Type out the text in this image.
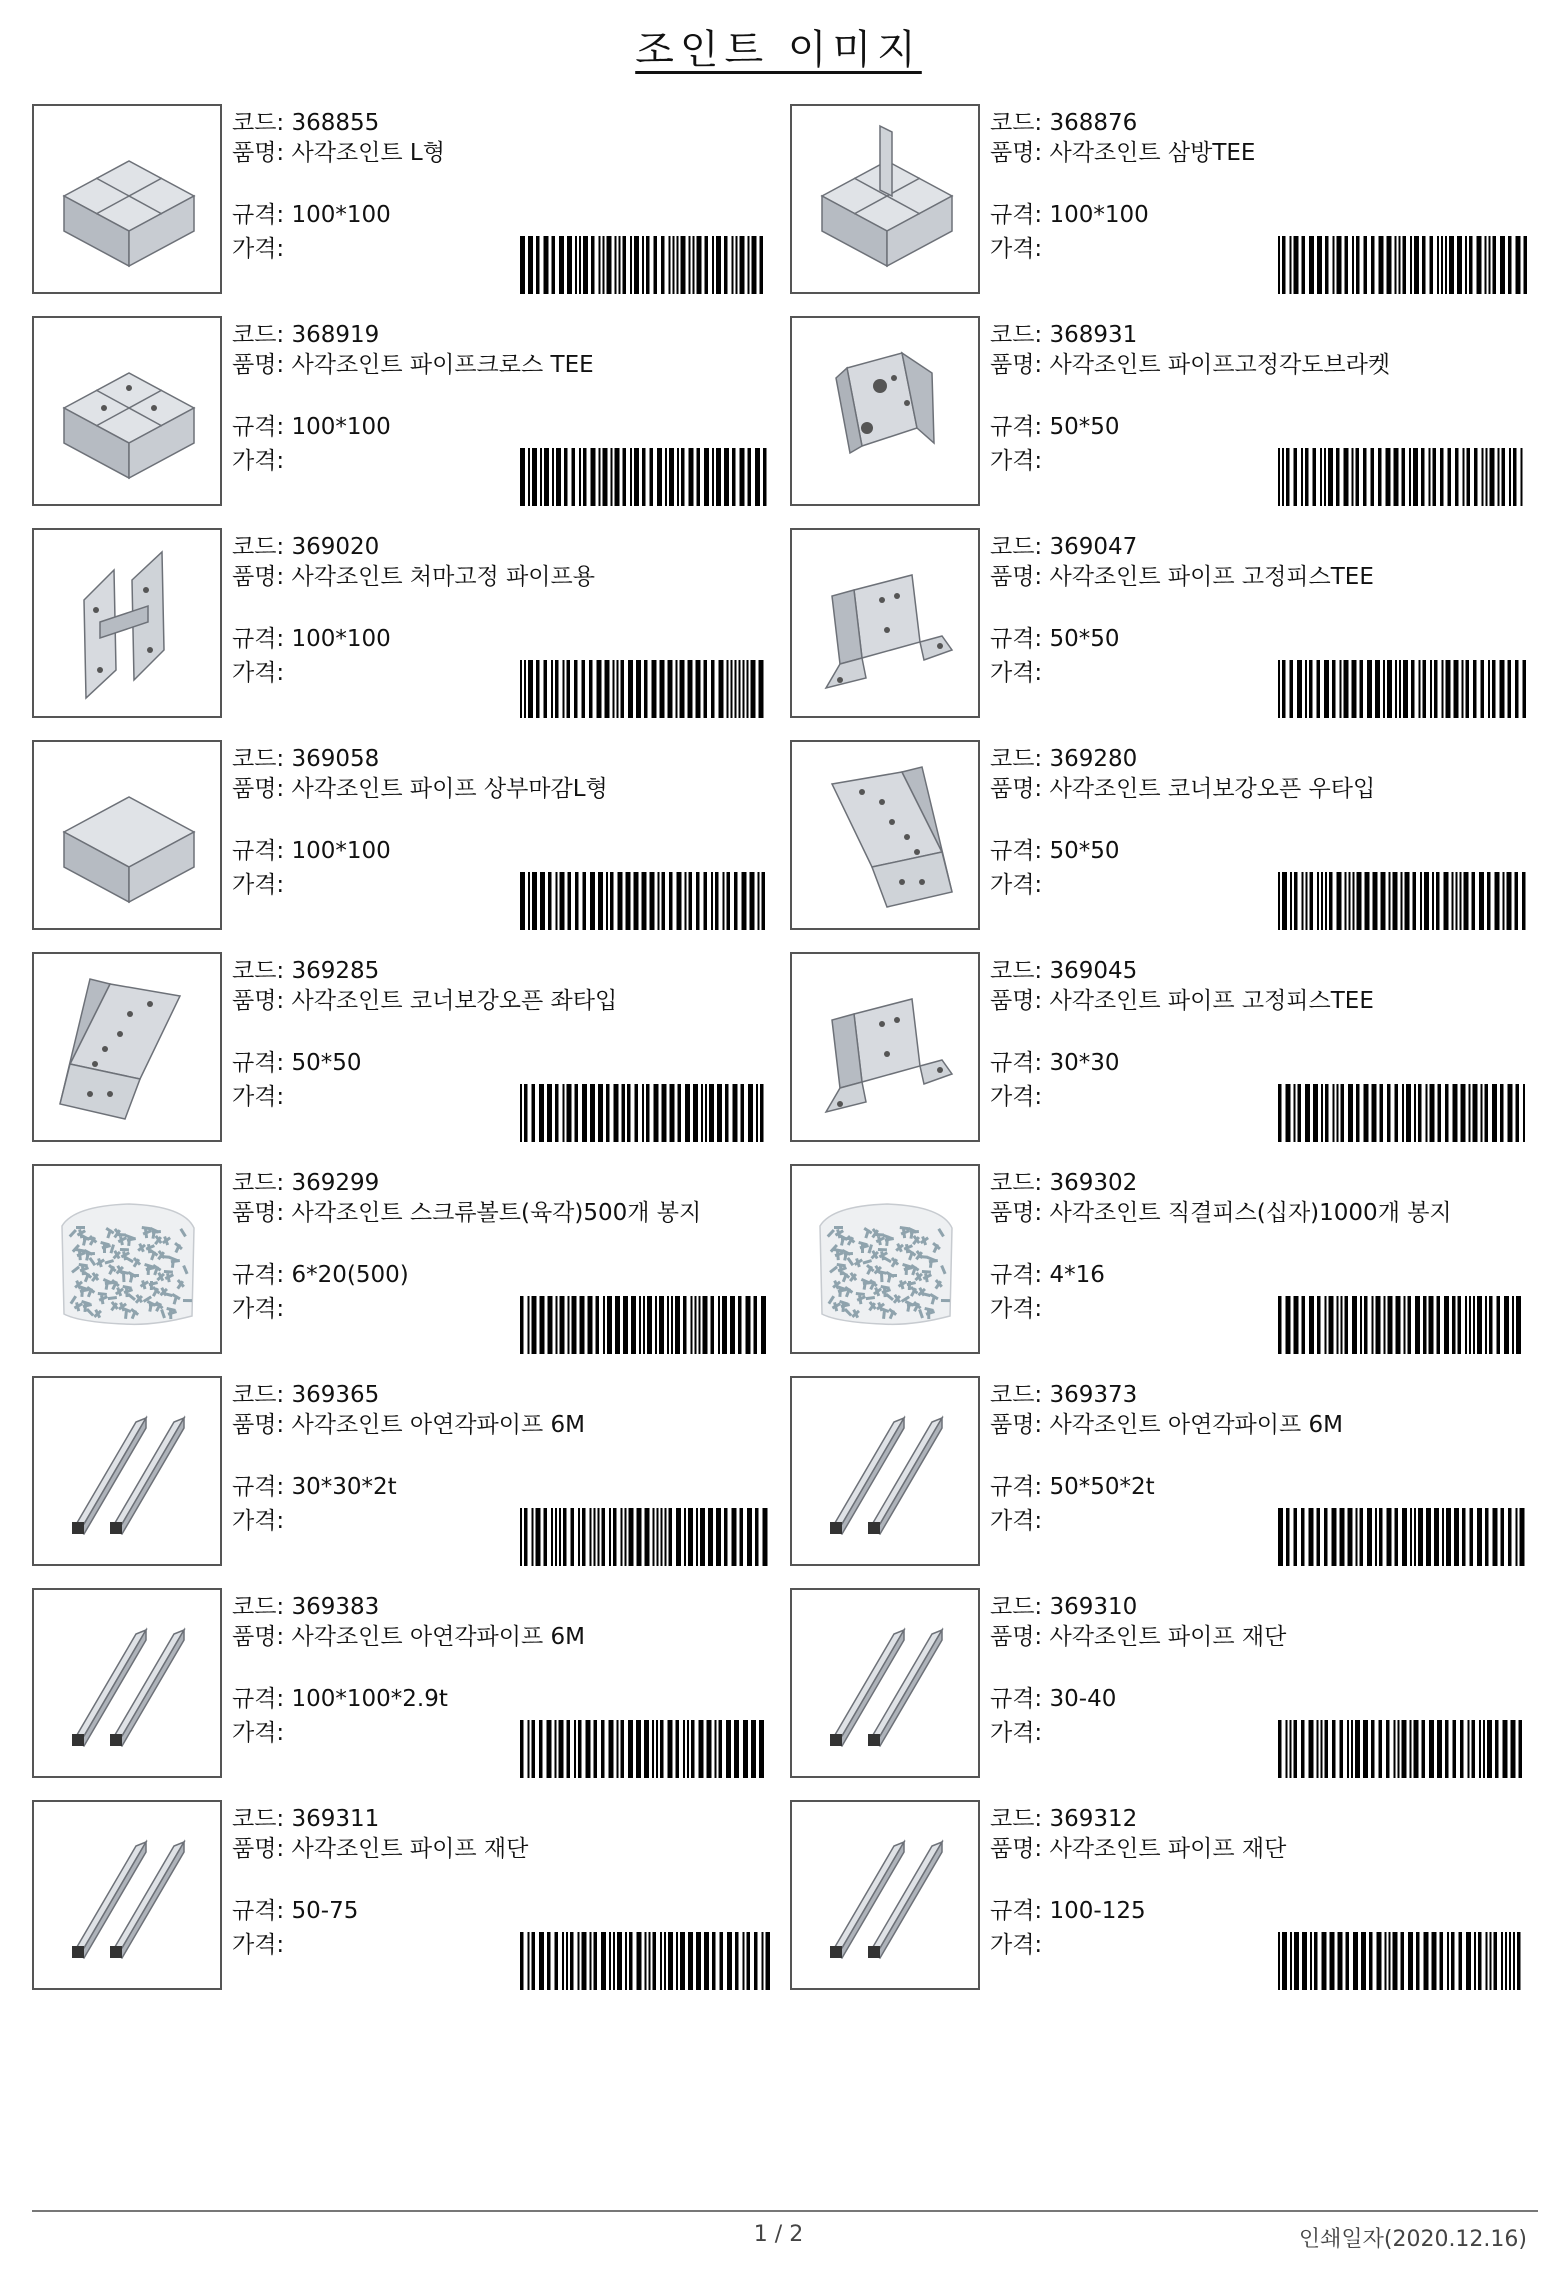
조인트 이미지
코드: 368855
품명:
사각조인트 L형
규격: 100*100
가격:
코드: 368876
품명:
사각조인트 삼방TEE
규격: 100*100
가격:
코드: 368919
품명:
사각조인트 파이프크로스 TEE
규격: 100*100
가격:
코드: 368931
품명:
사각조인트 파이프고정각도브라켓
규격: 50*50
가격:
코드: 369020
품명:
사각조인트 처마고정 파이프용
규격: 100*100
가격:
코드: 369047
품명:
사각조인트 파이프 고정피스TEE
규격: 50*50
가격:
코드: 369058
품명:
사각조인트 파이프 상부마감L형
규격: 100*100
가격:
코드: 369280
품명:
사각조인트 코너보강오픈 우타입
규격: 50*50
가격:
코드: 369285
품명:
사각조인트 코너보강오픈 좌타입
규격: 50*50
가격:
코드: 369045
품명:
사각조인트 파이프 고정피스TEE
규격: 30*30
가격:
코드: 369299
품명:
사각조인트 스크류볼트(육각)500개 봉지
규격: 6*20(500)
가격:
코드: 369302
품명:
사각조인트 직결피스(십자)1000개 봉지
규격: 4*16
가격:
코드: 369365
품명:
사각조인트 아연각파이프 6M
규격: 30*30*2t
가격:
코드: 369373
품명:
사각조인트 아연각파이프 6M
규격: 50*50*2t
가격:
코드: 369383
품명:
사각조인트 아연각파이프 6M
규격: 100*100*2.9t
가격:
코드: 369310
품명:
사각조인트 파이프 재단
규격: 30-40
가격:
코드: 369311
품명:
사각조인트 파이프 재단
규격: 50-75
가격:
코드: 369312
품명:
사각조인트 파이프 재단
규격: 100-125
가격:
1 / 2	인쇄일자(2020.12.16)
